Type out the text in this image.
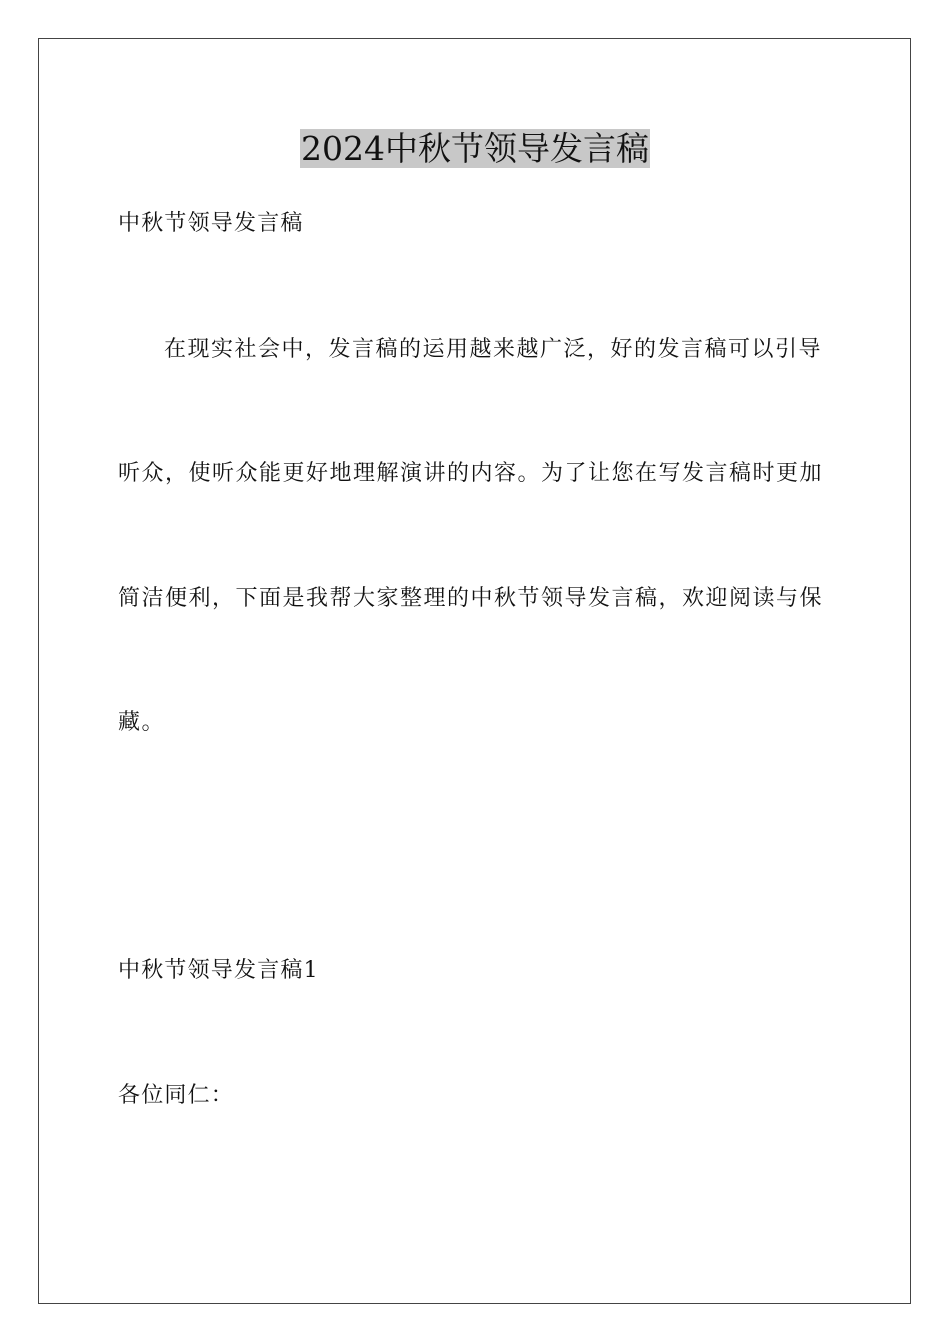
2024中秋节领导发言稿

中秋节领导发言稿

在现实社会中，发言稿的运用越来越广泛，好的发言稿可以引导
听众，使听众能更好地理解演讲的内容。为了让您在写发言稿时更加
简洁便利，下面是我帮大家整理的中秋节领导发言稿，欢迎阅读与保
藏。

中秋节领导发言稿1

各位同仁：
